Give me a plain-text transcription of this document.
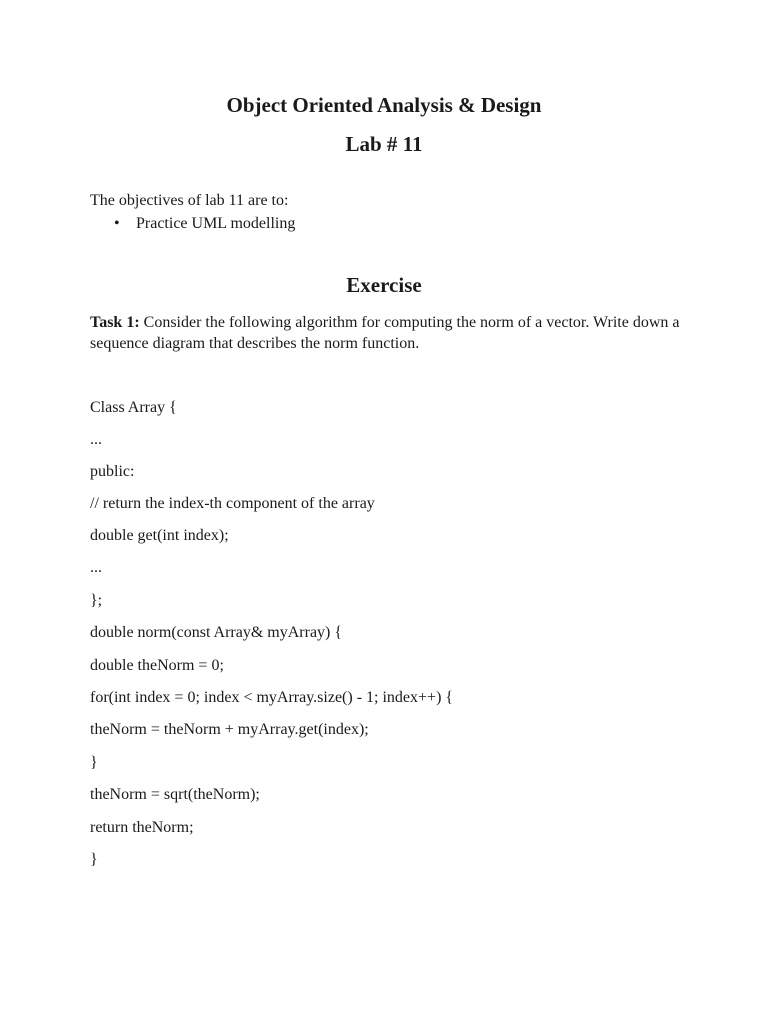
Object Oriented Analysis & Design
Lab # 11
The objectives of lab 11 are to:
• Practice UML modelling
Exercise
Task 1: Consider the following algorithm for computing the norm of a vector. Write down a sequence diagram that describes the norm function.
Class Array {
...
public:
// return the index-th component of the array
double get(int index);
...
};
double norm(const Array& myArray) {
double theNorm = 0;
for(int index = 0; index < myArray.size() - 1; index++) {
theNorm = theNorm + myArray.get(index);
}
theNorm = sqrt(theNorm);
return theNorm;
}
